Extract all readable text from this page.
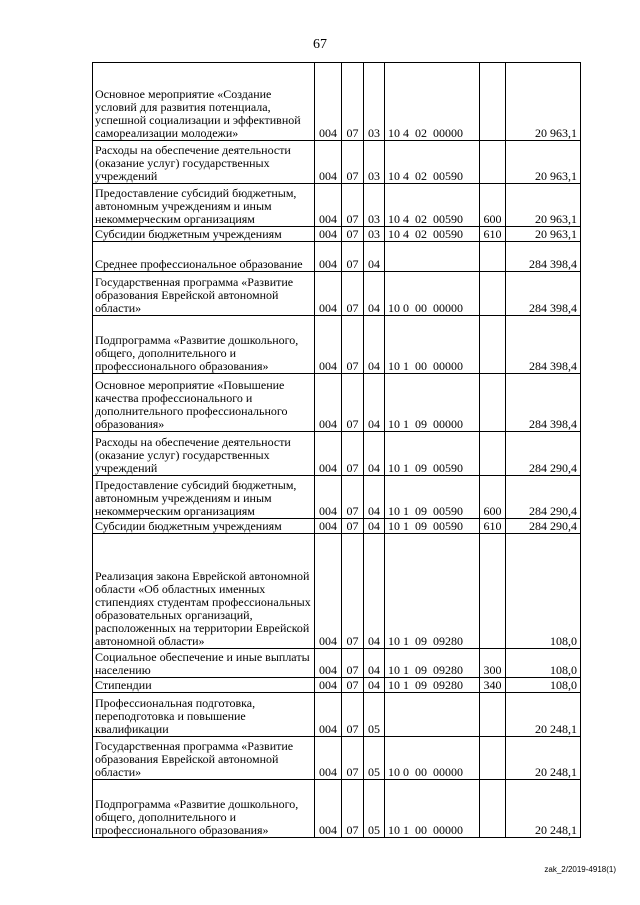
67
Основное мероприятие «Создание условий для развития потенциала, успешной социализации и эффективной самореализации молодежи»	004	07	03	10 4  02  00000		20 963,1
Расходы на обеспечение деятельности (оказание услуг) государственных учреждений	004	07	03	10 4  02  00590		20 963,1
Предоставление субсидий бюджетным, автономным учреждениям и иным некоммерческим организациям	004	07	03	10 4  02  00590	600	20 963,1
Субсидии бюджетным учреждениям	004	07	03	10 4  02  00590	610	20 963,1
Среднее профессиональное образование	004	07	04			284 398,4
Государственная программа «Развитие образования Еврейской автономной области»	004	07	04	10 0  00  00000		284 398,4
Подпрограмма «Развитие дошкольного, общего, дополнительного и профессионального образования»	004	07	04	10 1  00  00000		284 398,4
Основное мероприятие «Повышение качества профессионального и дополнительного профессионального образования»	004	07	04	10 1  09  00000		284 398,4
Расходы на обеспечение деятельности (оказание услуг) государственных учреждений	004	07	04	10 1  09  00590		284 290,4
Предоставление субсидий бюджетным, автономным учреждениям и иным некоммерческим организациям	004	07	04	10 1  09  00590	600	284 290,4
Субсидии бюджетным учреждениям	004	07	04	10 1  09  00590	610	284 290,4
Реализация закона Еврейской автономной области «Об областных именных стипендиях студентам профессиональных образовательных организаций, расположенных на территории Еврейской автономной области»	004	07	04	10 1  09  09280		108,0
Социальное обеспечение и иные выплаты населению	004	07	04	10 1  09  09280	300	108,0
Стипендии	004	07	04	10 1  09  09280	340	108,0
Профессиональная подготовка, переподготовка и повышение квалификации	004	07	05			20 248,1
Государственная программа «Развитие образования Еврейской автономной области»	004	07	05	10 0  00  00000		20 248,1
Подпрограмма «Развитие дошкольного, общего, дополнительного и профессионального образования»	004	07	05	10 1  00  00000		20 248,1
zak_2/2019-4918(1)
